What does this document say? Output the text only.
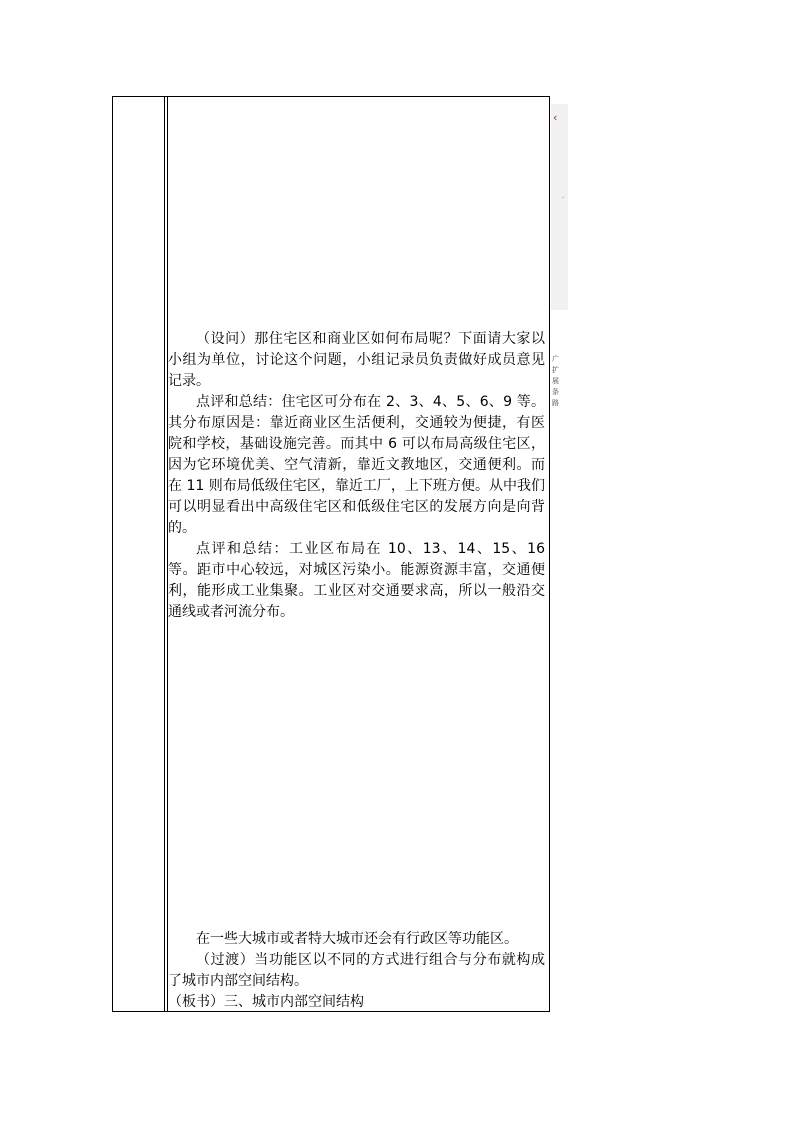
‹
·
广
扩
展
条
路

（设问）那住宅区和商业区如何布局呢？下面请大家以小组为单位，讨论这个问题，小组记录员负责做好成员意见记录。

点评和总结：住宅区可分布在 2、3、4、5、6、9 等。其分布原因是：靠近商业区生活便利，交通较为便捷，有医院和学校，基础设施完善。而其中 6 可以布局高级住宅区，因为它环境优美、空气清新，靠近文教地区，交通便利。而在 11 则布局低级住宅区，靠近工厂，上下班方便。从中我们可以明显看出中高级住宅区和低级住宅区的发展方向是向背的。

点评和总结：工业区布局在 10、13、14、15、16 等。距市中心较远，对城区污染小。能源资源丰富，交通便利，能形成工业集聚。工业区对交通要求高，所以一般沿交通线或者河流分布。

在一些大城市或者特大城市还会有行政区等功能区。

（过渡）当功能区以不同的方式进行组合与分布就构成了城市内部空间结构。

（板书）三、城市内部空间结构
